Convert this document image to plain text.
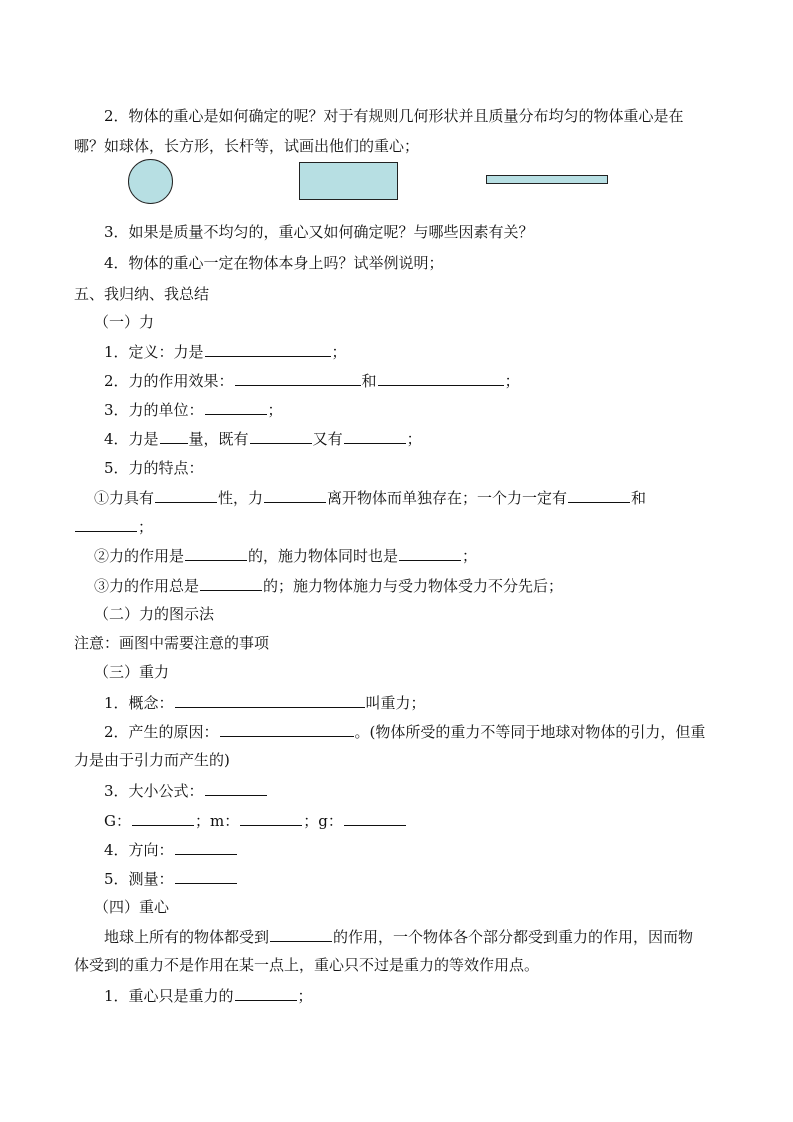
2．物体的重心是如何确定的呢？对于有规则几何形状并且质量分布均匀的物体重心是在
哪？如球体，长方形，长杆等，试画出他们的重心；
3．如果是质量不均匀的，重心又如何确定呢？与哪些因素有关？
4．物体的重心一定在物体本身上吗？试举例说明；
五、我归纳、我总结
（一）力
1．定义：力是	；
2．力的作用效果：	和	；
3．力的单位：	；
4．力是 量，既有	又有	；
5．力的特点：
①力具有	性，力	离开物体而单独存在；一个力一定有	和
；
②力的作用是	的，施力物体同时也是	；
③力的作用总是	的；施力物体施力与受力物体受力不分先后；
（二）力的图示法
注意：画图中需要注意的事项
（三）重力
1．概念：	叫重力；
2．产生的原因：	。(物体所受的重力不等同于地球对物体的引力，但重
力是由于引力而产生的)
3．大小公式：
G：	；m：	；g：
4．方向：
5．测量：
（四）重心
地球上所有的物体都受到	的作用，一个物体各个部分都受到重力的作用，因而物
体受到的重力不是作用在某一点上，重心只不过是重力的等效作用点。
1．重心只是重力的	；
